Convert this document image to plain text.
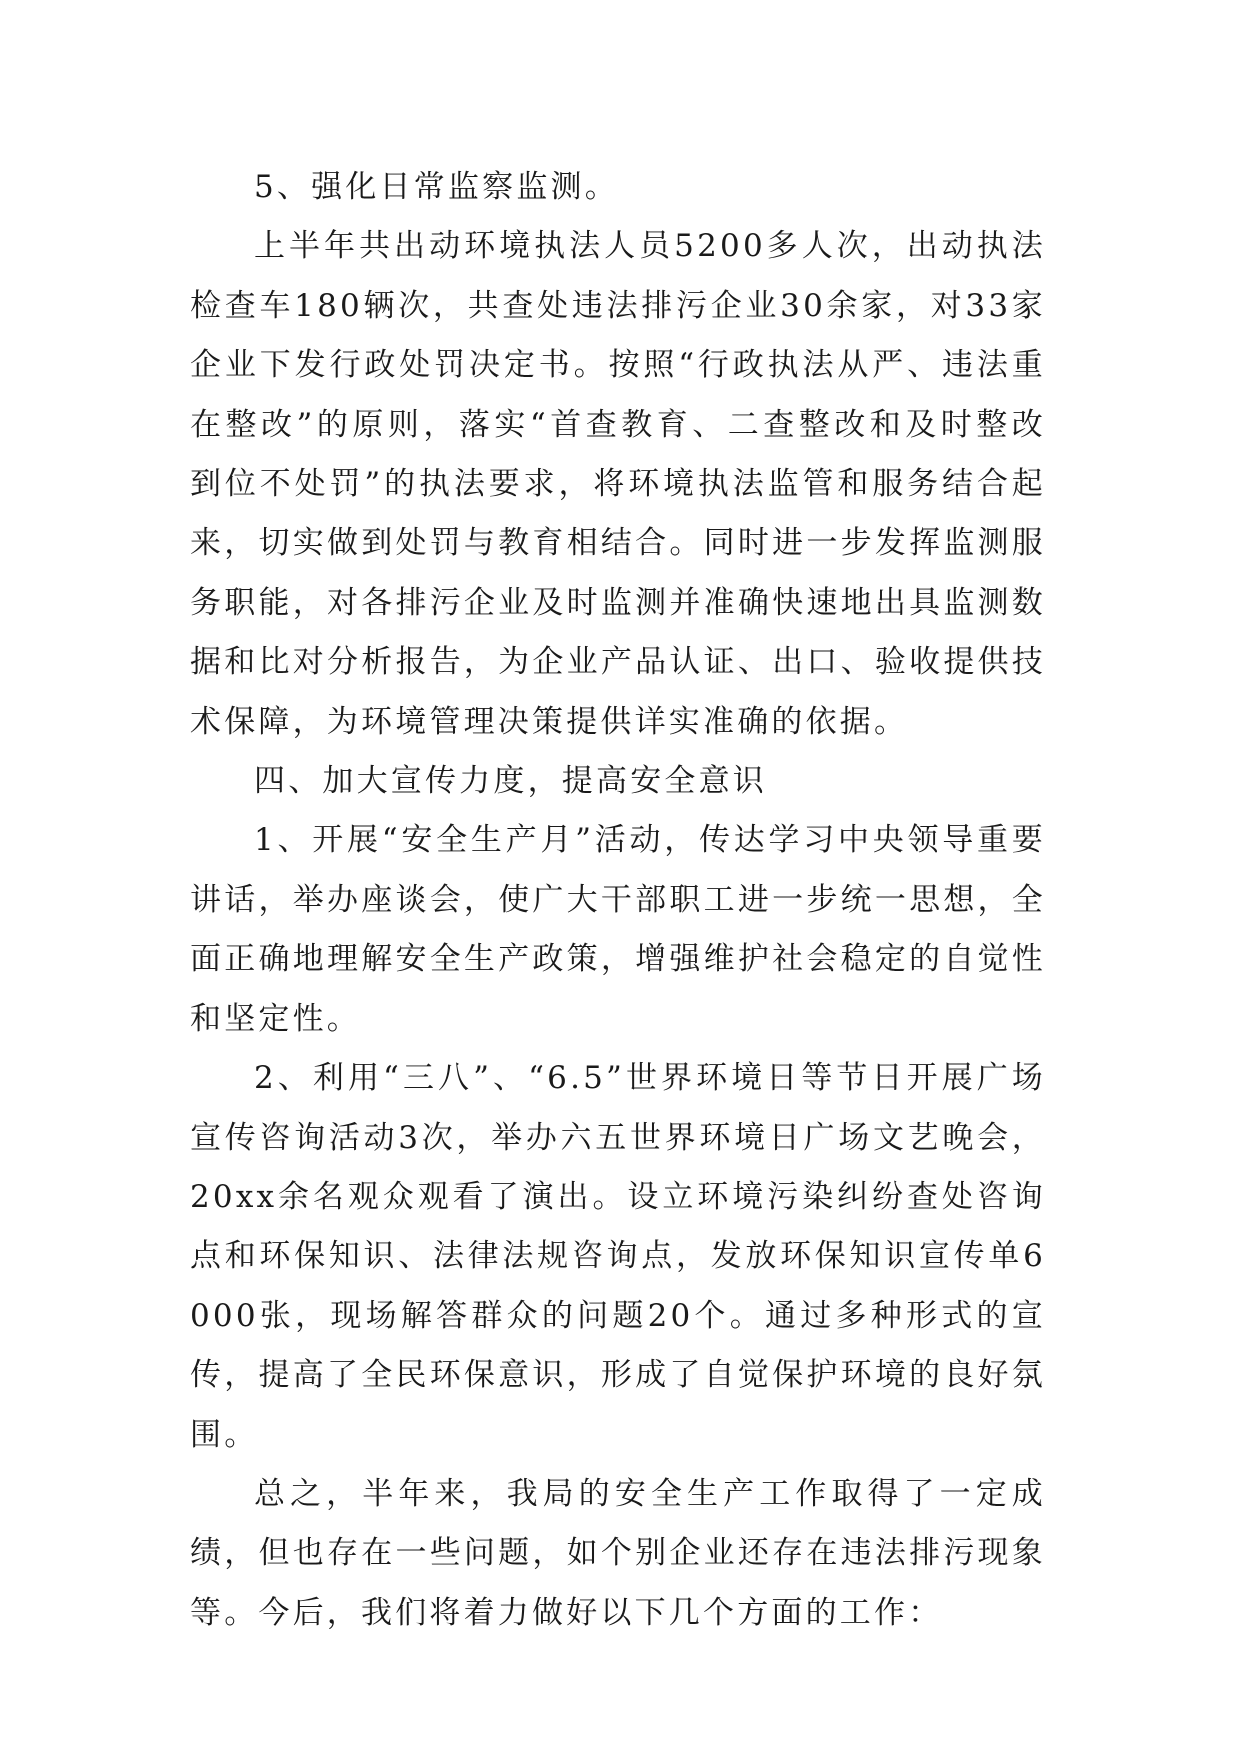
5、强化日常监察监测。

上半年共出动环境执法人员5200多人次，出动执法检查车180辆次，共查处违法排污企业30余家，对33家企业下发行政处罚决定书。按照“行政执法从严、违法重在整改”的原则，落实“首查教育、二查整改和及时整改到位不处罚”的执法要求，将环境执法监管和服务结合起来，切实做到处罚与教育相结合。同时进一步发挥监测服务职能，对各排污企业及时监测并准确快速地出具监测数据和比对分析报告，为企业产品认证、出口、验收提供技术保障，为环境管理决策提供详实准确的依据。

四、加大宣传力度，提高安全意识

1、开展“安全生产月”活动，传达学习中央领导重要讲话，举办座谈会，使广大干部职工进一步统一思想，全面正确地理解安全生产政策，增强维护社会稳定的自觉性和坚定性。

2、利用“三八”、“6.5”世界环境日等节日开展广场宣传咨询活动3次，举办六五世界环境日广场文艺晚会，20xx余名观众观看了演出。设立环境污染纠纷查处咨询点和环保知识、法律法规咨询点，发放环保知识宣传单6000张，现场解答群众的问题20个。通过多种形式的宣传，提高了全民环保意识，形成了自觉保护环境的良好氛围。

总之，半年来，我局的安全生产工作取得了一定成绩，但也存在一些问题，如个别企业还存在违法排污现象等。今后，我们将着力做好以下几个方面的工作：
